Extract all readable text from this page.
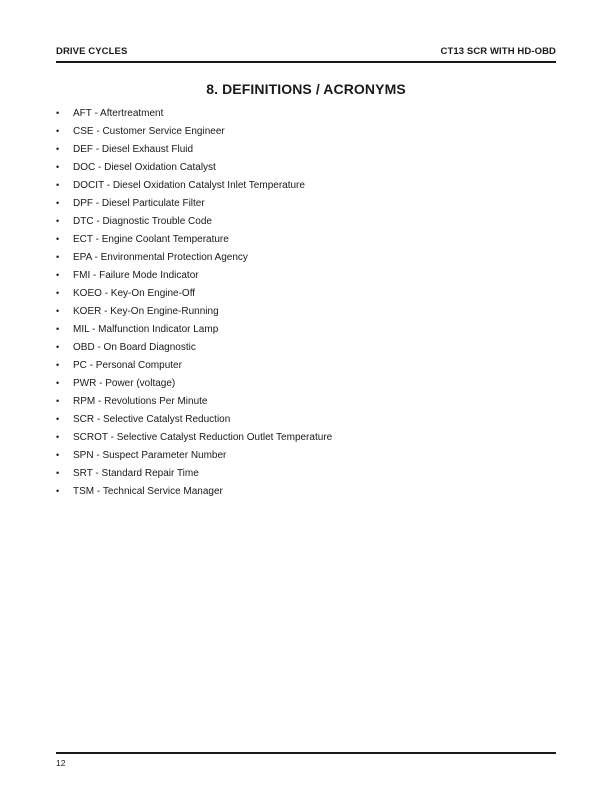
DRIVE CYCLES	CT13 SCR WITH HD-OBD
8. DEFINITIONS / ACRONYMS
•	AFT - Aftertreatment
•	CSE - Customer Service Engineer
•	DEF - Diesel Exhaust Fluid
•	DOC - Diesel Oxidation Catalyst
•	DOCIT - Diesel Oxidation Catalyst Inlet Temperature
•	DPF - Diesel Particulate Filter
•	DTC - Diagnostic Trouble Code
•	ECT - Engine Coolant Temperature
•	EPA - Environmental Protection Agency
•	FMI - Failure Mode Indicator
•	KOEO - Key-On Engine-Off
•	KOER - Key-On Engine-Running
•	MIL - Malfunction Indicator Lamp
•	OBD - On Board Diagnostic
•	PC - Personal Computer
•	PWR - Power (voltage)
•	RPM - Revolutions Per Minute
•	SCR - Selective Catalyst Reduction
•	SCROT - Selective Catalyst Reduction Outlet Temperature
•	SPN - Suspect Parameter Number
•	SRT - Standard Repair Time
•	TSM - Technical Service Manager
12
